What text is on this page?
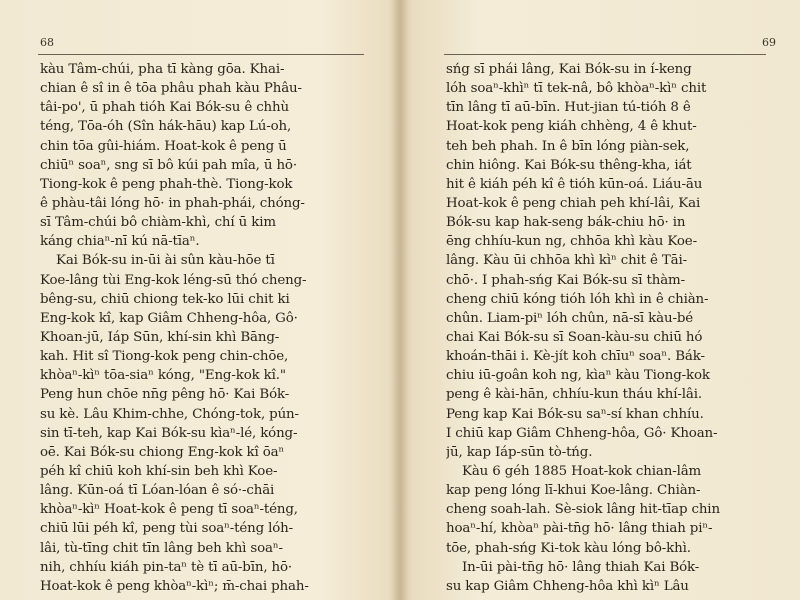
68
kàu Tâm-chúi, pha tī kàng gōa. Khai-
chian ê sî in ê tōa phâu phah kàu Phâu-
tâi-po', ū phah tióh Kai Bók-su ê chhù
téng, Tōa-óh (Sîn hák-hāu) kap Lú-oh,
chin tōa gûi-hiám. Hoat-kok ê peng ū
chiūⁿ soaⁿ, sng sī bô kúi pah mîa, ū hō·
Tiong-kok ê peng phah-thè. Tiong-kok
ê phàu-tâi lóng hō· in phah-phái, chóng-
sī Tâm-chúi bô chiàm-khì, chí ū kim
káng chiaⁿ-nī kú nā-tīaⁿ.
Kai Bók-su in-ūi ài sûn kàu-hōe tī
Koe-lâng tùi Eng-kok léng-sū thó cheng-
bêng-su, chiū chiong tek-ko lūi chit ki
Eng-kok kî, kap Giâm Chheng-hôa, Gô·
Khoan-jū, Iáp Sūn, khí-sin khì Bāng-
kah. Hit sî Tiong-kok peng chin-chōe,
khòaⁿ-kìⁿ tōa-siaⁿ kóng, "Eng-kok kî."
Peng hun chōe nn̄g pêng hō· Kai Bók-
su kè. Lâu Khim-chhe, Chóng-tok, pún-
sin tī-teh, kap Kai Bók-su kìaⁿ-lé, kóng-
oē. Kai Bók-su chiong Eng-kok kî ōaⁿ
péh kî chiū koh khí-sin beh khì Koe-
lâng. Kūn-oá tī Lóan-lóan ê só·-chāi
khòaⁿ-kìⁿ Hoat-kok ê peng tī soaⁿ-téng,
chiū lūi péh kî, peng tùi soaⁿ-téng lóh-
lâi, tù-tīng chit tīn lâng beh khì soaⁿ-
nih, chhíu kiáh pin-taⁿ tè tī aū-bīn, hō·
Hoat-kok ê peng khòaⁿ-kìⁿ; m̄-chai phah-
69
sńg sī phái lâng, Kai Bók-su in í-keng
lóh soaⁿ-khìⁿ tī tek-nâ, bô khòaⁿ-kìⁿ chit
tīn lâng tī aū-bīn. Hut-jian tú-tióh 8 ê
Hoat-kok peng kiáh chhèng, 4 ê khut-
teh beh phah. In ê bīn lóng piàn-sek,
chin hiông. Kai Bók-su thêng-kha, iát
hit ê kiáh péh kî ê tióh kūn-oá. Liáu-āu
Hoat-kok ê peng chiah peh khí-lâi, Kai
Bók-su kap hak-seng bák-chiu hō· in
ēng chhíu-kun ng, chhōa khì kàu Koe-
lâng. Kàu ūi chhōa khì kìⁿ chit ê Tāi-
chō·. I phah-sńg Kai Bók-su sī thàm-
cheng chiū kóng tióh lóh khì in ê chiàn-
chûn. Liam-piⁿ lóh chûn, nā-sī kàu-bé
chai Kai Bók-su sī Soan-kàu-su chiū hó
khoán-thāi i. Kè-jít koh chīuⁿ soaⁿ. Bák-
chiu iū-goân koh ng, kìaⁿ kàu Tiong-kok
peng ê kài-hān, chhíu-kun tháu khí-lâi.
Peng kap Kai Bók-su saⁿ-sí khan chhíu.
I chiū kap Giâm Chheng-hôa, Gô· Khoan-
jū, kap Iáp-sūn tò-tńg.
Kàu 6 géh 1885 Hoat-kok chian-lâm
kap peng lóng lī-khui Koe-lâng. Chiàn-
cheng soah-lah. Sè-siok lâng hit-tīap chin
hoaⁿ-hí, khòaⁿ pài-tn̄g hō· lâng thiah piⁿ-
tōe, phah-sńg Ki-tok kàu lóng bô-khì.
In-ūi pài-tn̄g hō· lâng thiah Kai Bók-
su kap Giâm Chheng-hôa khì kìⁿ Lâu
